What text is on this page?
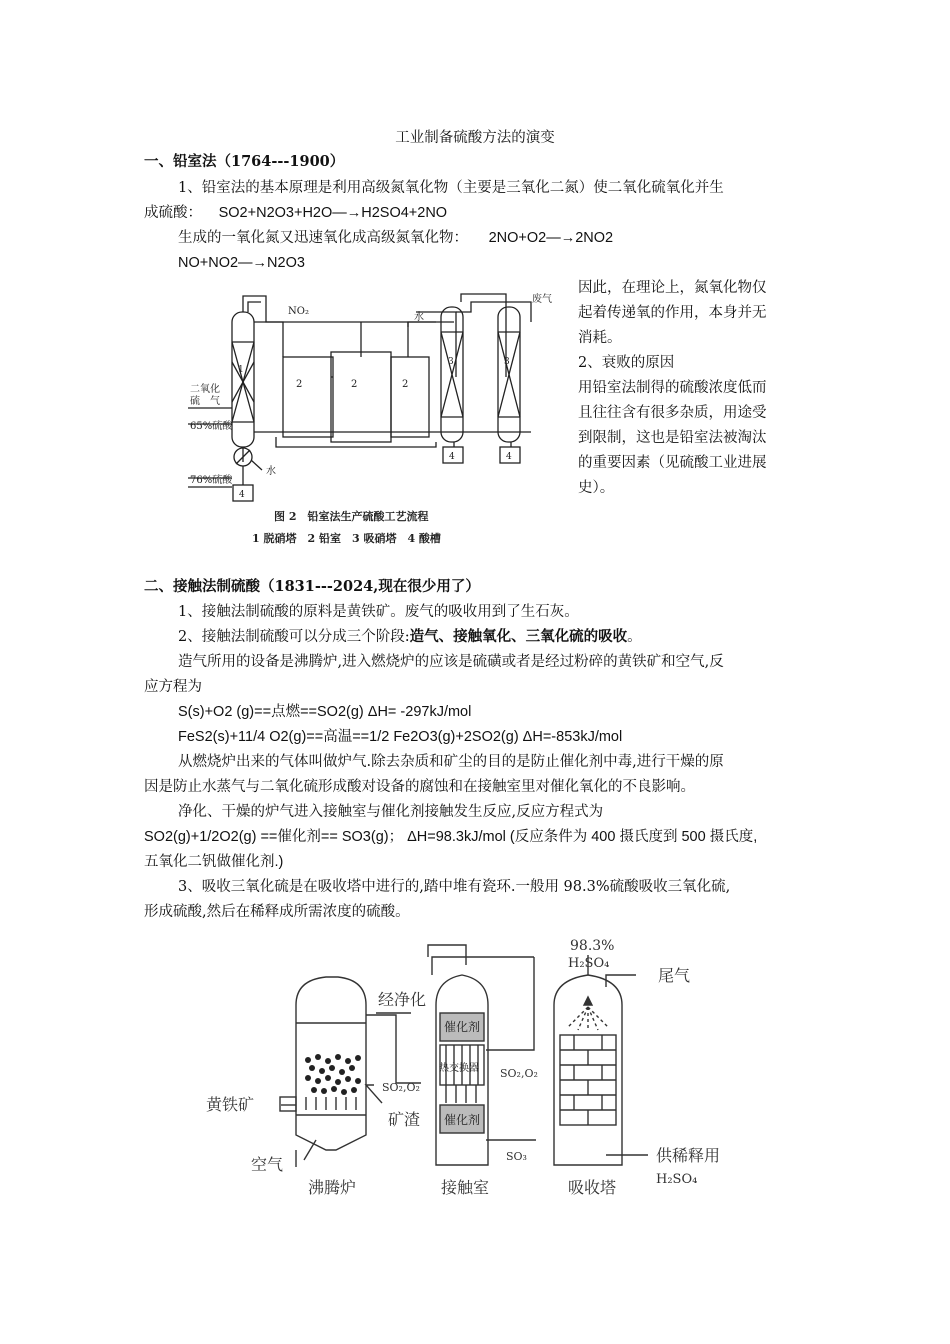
工业制备硫酸方法的演变
一、铅室法（1764---1900）
1、铅室法的基本原理是利用高级氮氧化物（主要是三氧化二氮）使二氧化硫氧化并生
成硫酸： SO2+N2O3+H2O—→H2SO4+2NO
生成的一氧化氮又迅速氧化成高级氮氧化物： 2NO+O2—→2NO2
NO+NO2—→N2O3
因此，在理论上，氮氧化物仅
起着传递氧的作用，本身并无
消耗。
2、衰败的原因
用铅室法制得的硫酸浓度低而
且往往含有很多杂质，用途受
到限制，这也是铅室法被淘汰
的重要因素（见硫酸工业进展
史）。
1
2	2	2
3	3
4	4
4
NO₂
水
废气
二氧化
硫　气
65%硫酸
水
76%硫酸
图 2　铅室法生产硫酸工艺流程
1 脱硝塔　2 铅室　3 吸硝塔　4 酸槽
二、接触法制硫酸（1831---2024,现在很少用了）
1、接触法制硫酸的原料是黄铁矿。废气的吸收用到了生石灰。
2、接触法制硫酸可以分成三个阶段:造气、接触氧化、三氧化硫的吸收。
造气所用的设备是沸腾炉,进入燃烧炉的应该是硫磺或者是经过粉碎的黄铁矿和空气,反
应方程为
S(s)+O2 (g)==点燃==SO2(g) ΔH= -297kJ/mol
FeS2(s)+11/4 O2(g)==高温==1/2 Fe2O3(g)+2SO2(g) ΔH=-853kJ/mol
从燃烧炉出来的气体叫做炉气.除去杂质和矿尘的目的是防止催化剂中毒,进行干燥的原
因是防止水蒸气与二氧化硫形成酸对设备的腐蚀和在接触室里对催化氧化的不良影响。
净化、干燥的炉气进入接触室与催化剂接触发生反应,反应方程式为
SO2(g)+1/2O2(g) ==催化剂== SO3(g)； ΔH=98.3kJ/mol (反应条件为 400 摄氏度到 500 摄氏度,
五氧化二钒做催化剂.)
3、吸收三氧化硫是在吸收塔中进行的,踏中堆有瓷环.一般用 98.3%硫酸吸收三氧化硫,
形成硫酸,然后在稀释成所需浓度的硫酸。
黄铁矿
空气
沸腾炉
经净化
SO₂,O₂
矿渣
催化剂
热交换器
催化剂
接触室
SO₂,O₂
SO₃
98.3%
H₂SO₄
尾气
供稀释用
H₂SO₄
吸收塔
